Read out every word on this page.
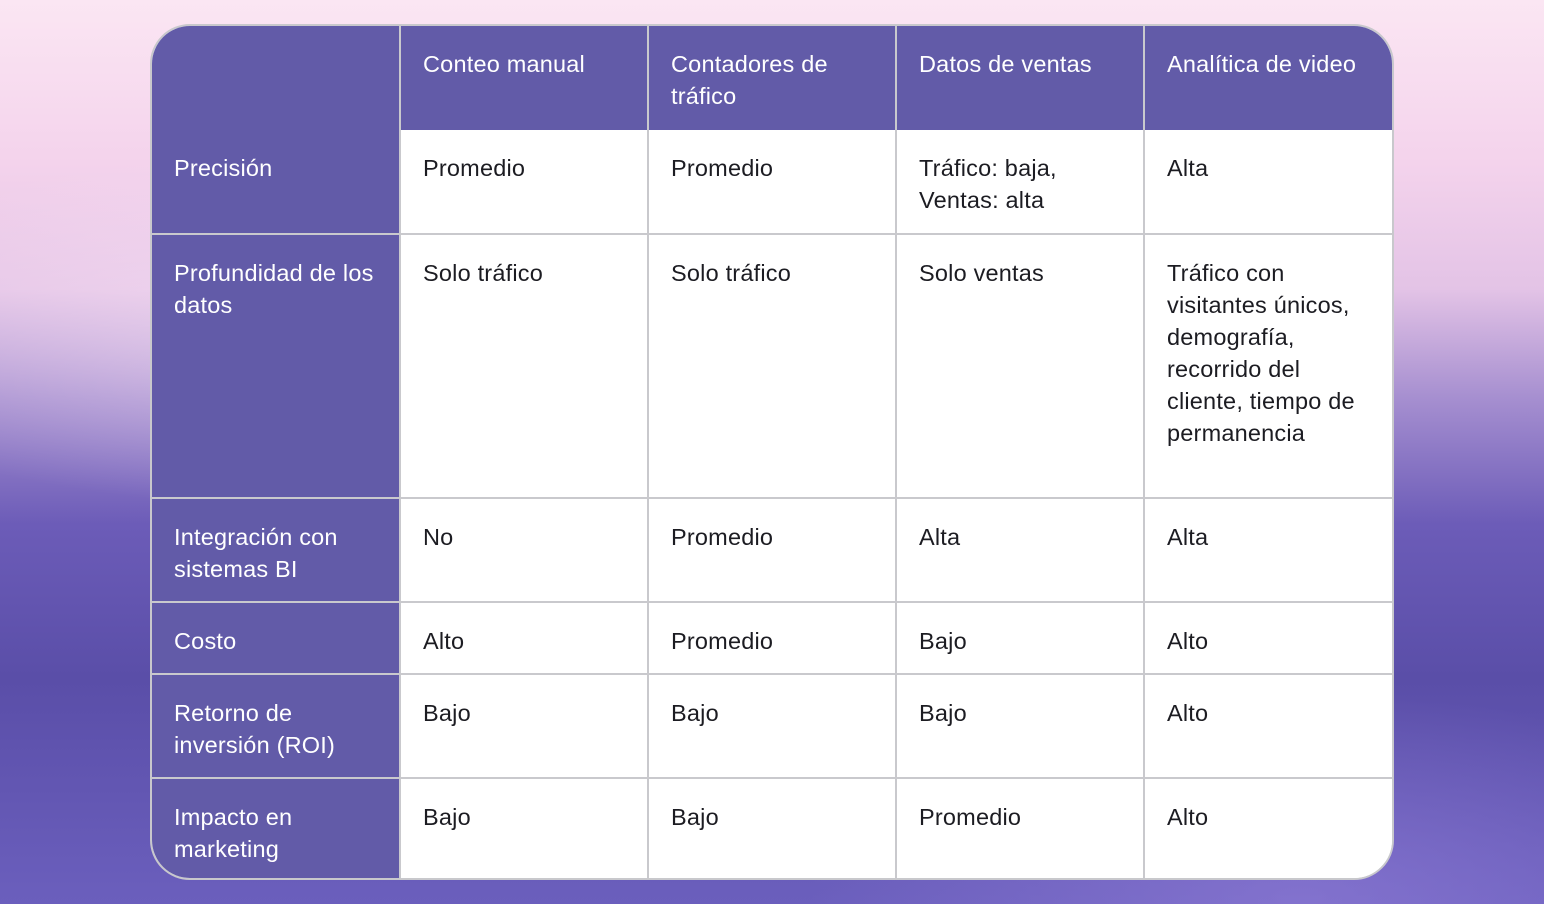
	Conteo manual	Contadores de tráfico	Datos de ventas	Analítica de video
Precisión	Promedio	Promedio	Tráfico: baja, Ventas: alta	Alta
Profundidad de los datos	Solo tráfico	Solo tráfico	Solo ventas	Tráfico con visitantes únicos, demografía, recorrido del cliente, tiempo de permanencia
Integración con sistemas BI	No	Promedio	Alta	Alta
Costo	Alto	Promedio	Bajo	Alto
Retorno de inversión (ROI)	Bajo	Bajo	Bajo	Alto
Impacto en marketing	Bajo	Bajo	Promedio	Alto
